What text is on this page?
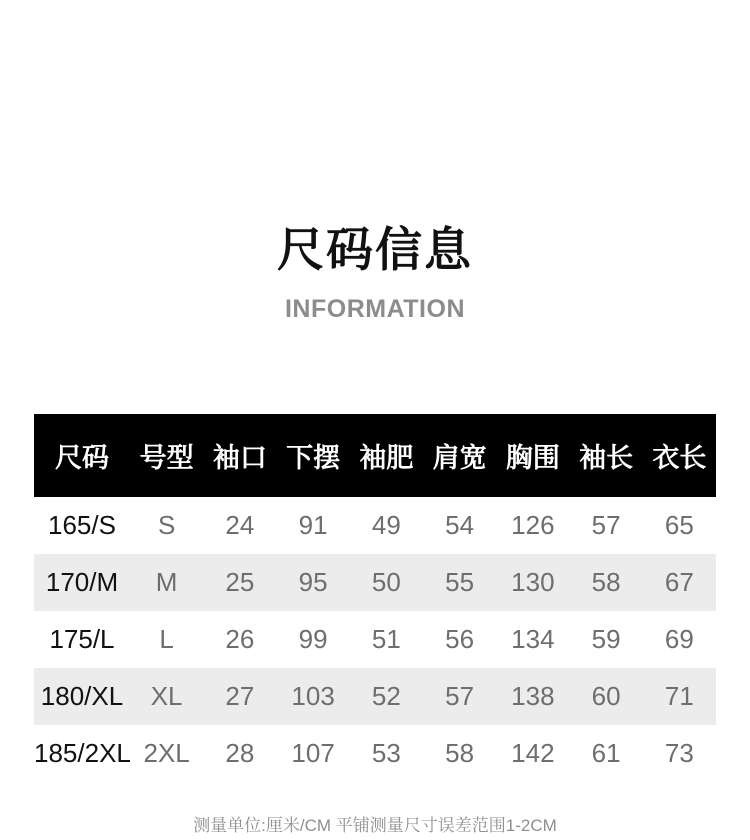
尺码信息
INFORMATION
尺码	号型 袖口 下摆 袖肥 肩宽 胸围 袖长 衣长
165/S	S	24	91	49	54	126	57	65
170/M	M	25	95	50	55	130	58	67
175/L	L	26	99	51	56	134	59	69
180/XL	XL	27	103	52	57	138	60	71
185/2XL 2XL	28	107	53	58	142	61	73
测量单位:厘米/CM 平铺测量尺寸误差范围1-2CM
